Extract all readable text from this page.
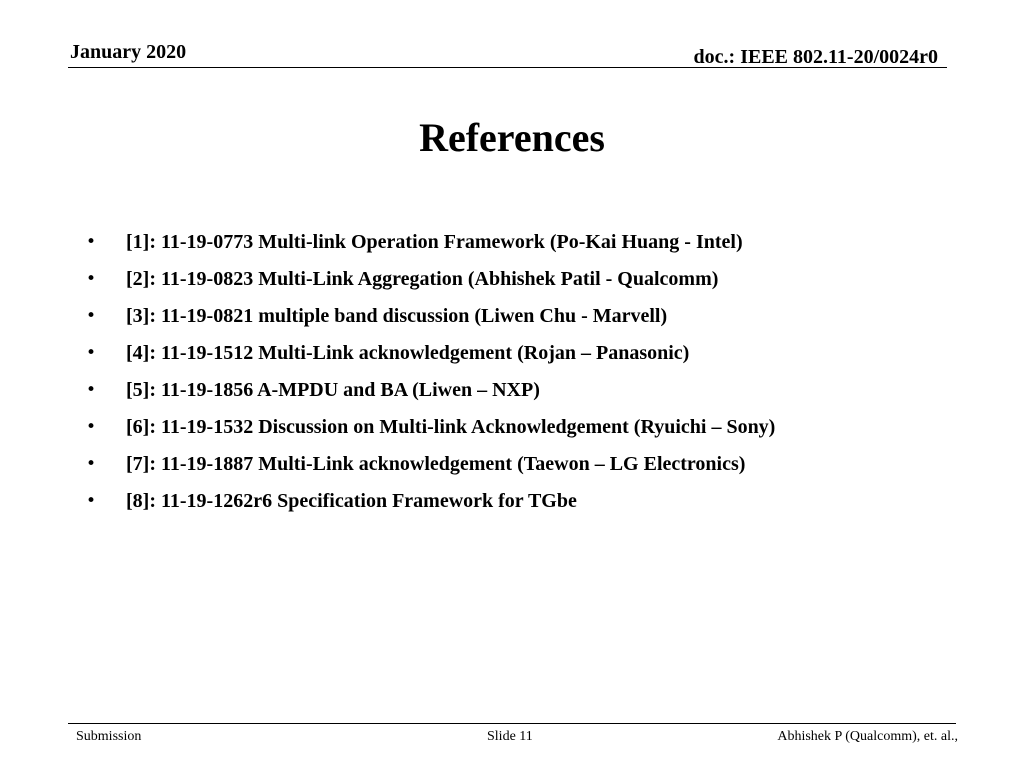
January 2020	doc.: IEEE 802.11-20/0024r0
References
• [1]: 11-19-0773 Multi-link Operation Framework (Po-Kai Huang - Intel)
• [2]: 11-19-0823 Multi-Link Aggregation (Abhishek Patil - Qualcomm)
• [3]: 11-19-0821 multiple band discussion (Liwen Chu - Marvell)
• [4]: 11-19-1512 Multi-Link acknowledgement (Rojan – Panasonic)
• [5]: 11-19-1856 A-MPDU and BA (Liwen – NXP)
• [6]: 11-19-1532 Discussion on Multi-link Acknowledgement (Ryuichi – Sony)
• [7]: 11-19-1887 Multi-Link acknowledgement (Taewon – LG Electronics)
• [8]: 11-19-1262r6 Specification Framework for TGbe
Submission	Slide 11	Abhishek P (Qualcomm), et. al.,
